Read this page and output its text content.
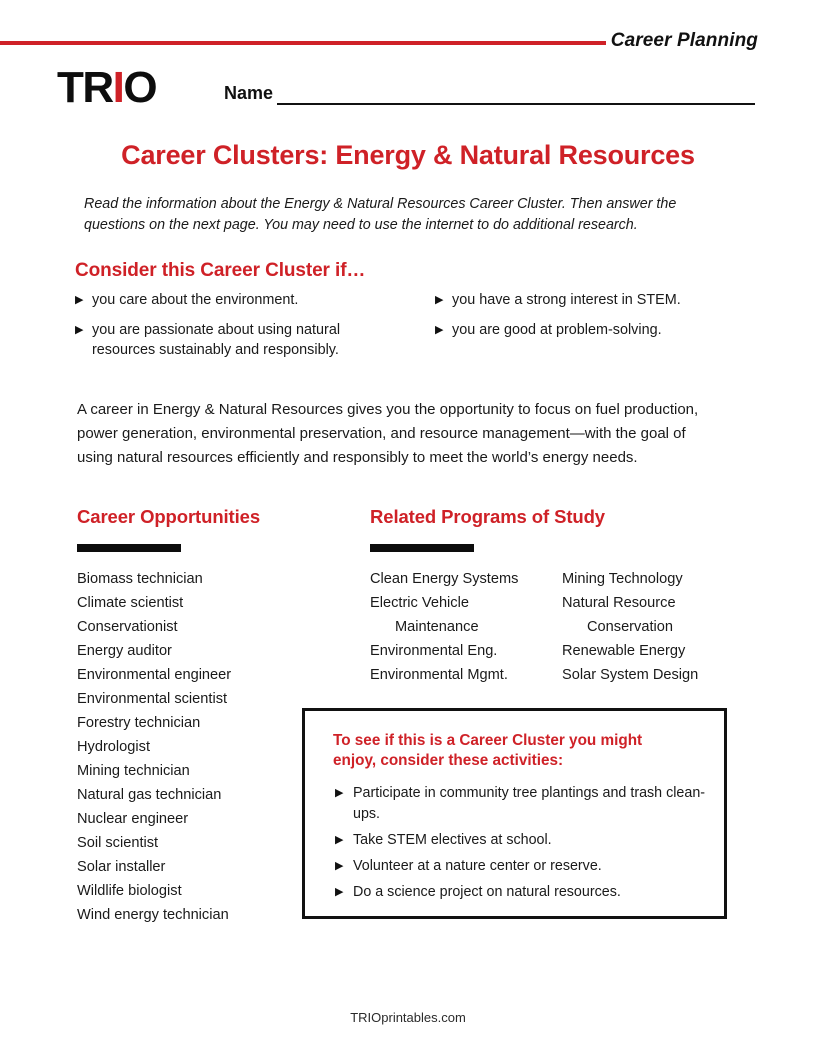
Career Planning
TRIO	Name
Career Clusters: Energy & Natural Resources
Read the information about the Energy & Natural Resources Career Cluster. Then answer the questions on the next page. You may need to use the internet to do additional research.
Consider this Career Cluster if…
▶ you care about the environment.
▶ you are passionate about using natural resources sustainably and responsibly.
▶ you have a strong interest in STEM.
▶ you are good at problem-solving.
A career in Energy & Natural Resources gives you the opportunity to focus on fuel production, power generation, environmental preservation, and resource management—with the goal of using natural resources efficiently and responsibly to meet the world’s energy needs.
Career Opportunities
Biomass technician
Climate scientist
Conservationist
Energy auditor
Environmental engineer
Environmental scientist
Forestry technician
Hydrologist
Mining technician
Natural gas technician
Nuclear engineer
Soil scientist
Solar installer
Wildlife biologist
Wind energy technician
Related Programs of Study
Clean Energy Systems
Electric Vehicle
Maintenance
Environmental Eng.
Environmental Mgmt.
Mining Technology
Natural Resource
Conservation
Renewable Energy
Solar System Design
To see if this is a Career Cluster you might enjoy, consider these activities:
▶ Participate in community tree plantings and trash clean-ups.
▶ Take STEM electives at school.
▶ Volunteer at a nature center or reserve.
▶ Do a science project on natural resources.
TRIOprintables.com
